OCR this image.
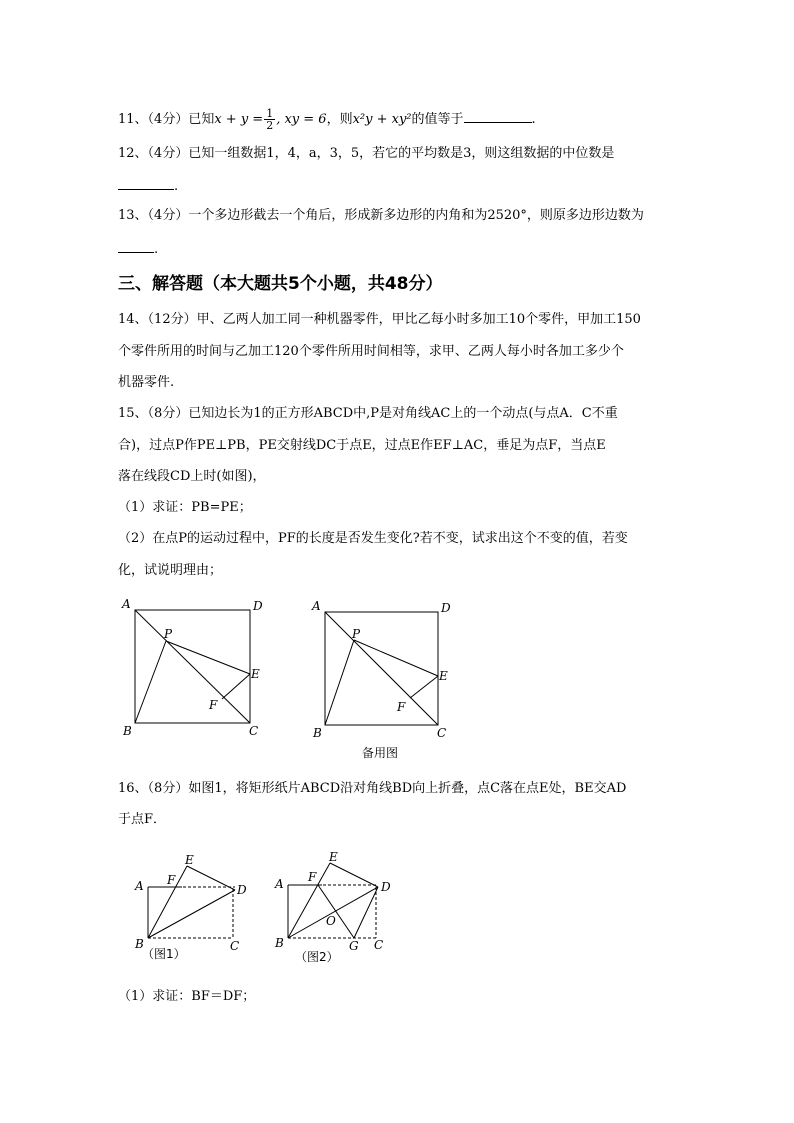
11、（4分）已知$x + y = \frac{1}{2}$ , xy = 6，则x²y + xy²的值等于	.
12、（4分）已知一组数据1，4，a，3，5，若它的平均数是3，则这组数据的中位数是
.
13、（4分）一个多边形截去一个角后，形成新多边形的内角和为2520°，则原多边形边数为
.
三、解答题（本大题共5个小题，共48分）
14、（12分）甲、乙两人加工同一种机器零件，甲比乙每小时多加工10个零件，甲加工150
个零件所用的时间与乙加工120个零件所用时间相等，求甲、乙两人每小时各加工多少个
机器零件.
15、（8分）已知边长为1的正方形ABCD中,P是对角线AC上的一个动点(与点A．C不重
合)，过点P作PE⊥PB，PE交射线DC于点E，过点E作EF⊥AC，垂足为点F，当点E
落在线段CD上时(如图)，
（1）求证：PB=PE；
（2）在点P的运动过程中，PF的长度是否发生变化?若不变，试求出这个不变的值，若变
化，试说明理由；
A	D
B	C
P
E
F
A	D
B	C
P
E
F
备用图
16、（8分）如图1，将矩形纸片ABCD沿对角线BD向上折叠，点C落在点E处，BE交AD
于点F．
A
B	C
D
E
F
（图1）
A
B	C
D
E
F
O
G
（图2）
（1）求证：BF＝DF；
